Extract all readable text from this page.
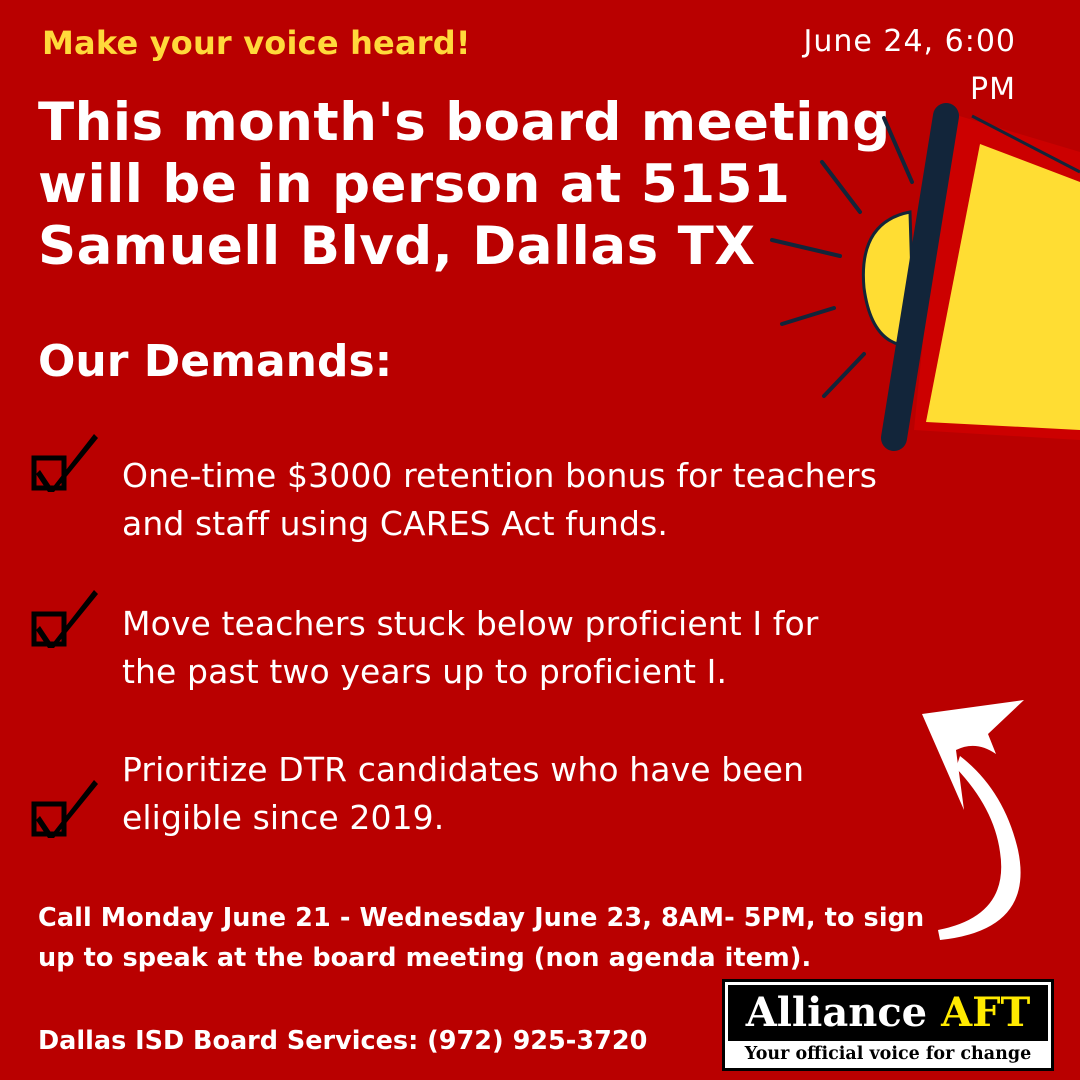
Make your voice heard!	June 24, 6:00
PM
This month's board meeting will be in person at 5151 Samuell Blvd, Dallas TX
Our Demands:
One-time $3000 retention bonus for teachers and staff using CARES Act funds.
Move teachers stuck below proficient I for the past two years up to proficient I.
Prioritize DTR candidates who have been eligible since 2019.
Call Monday June 21 - Wednesday June 23, 8AM- 5PM, to sign up to speak at the board meeting (non agenda item).
Dallas ISD Board Services: (972) 925-3720
Alliance AFT
Your official voice for change
